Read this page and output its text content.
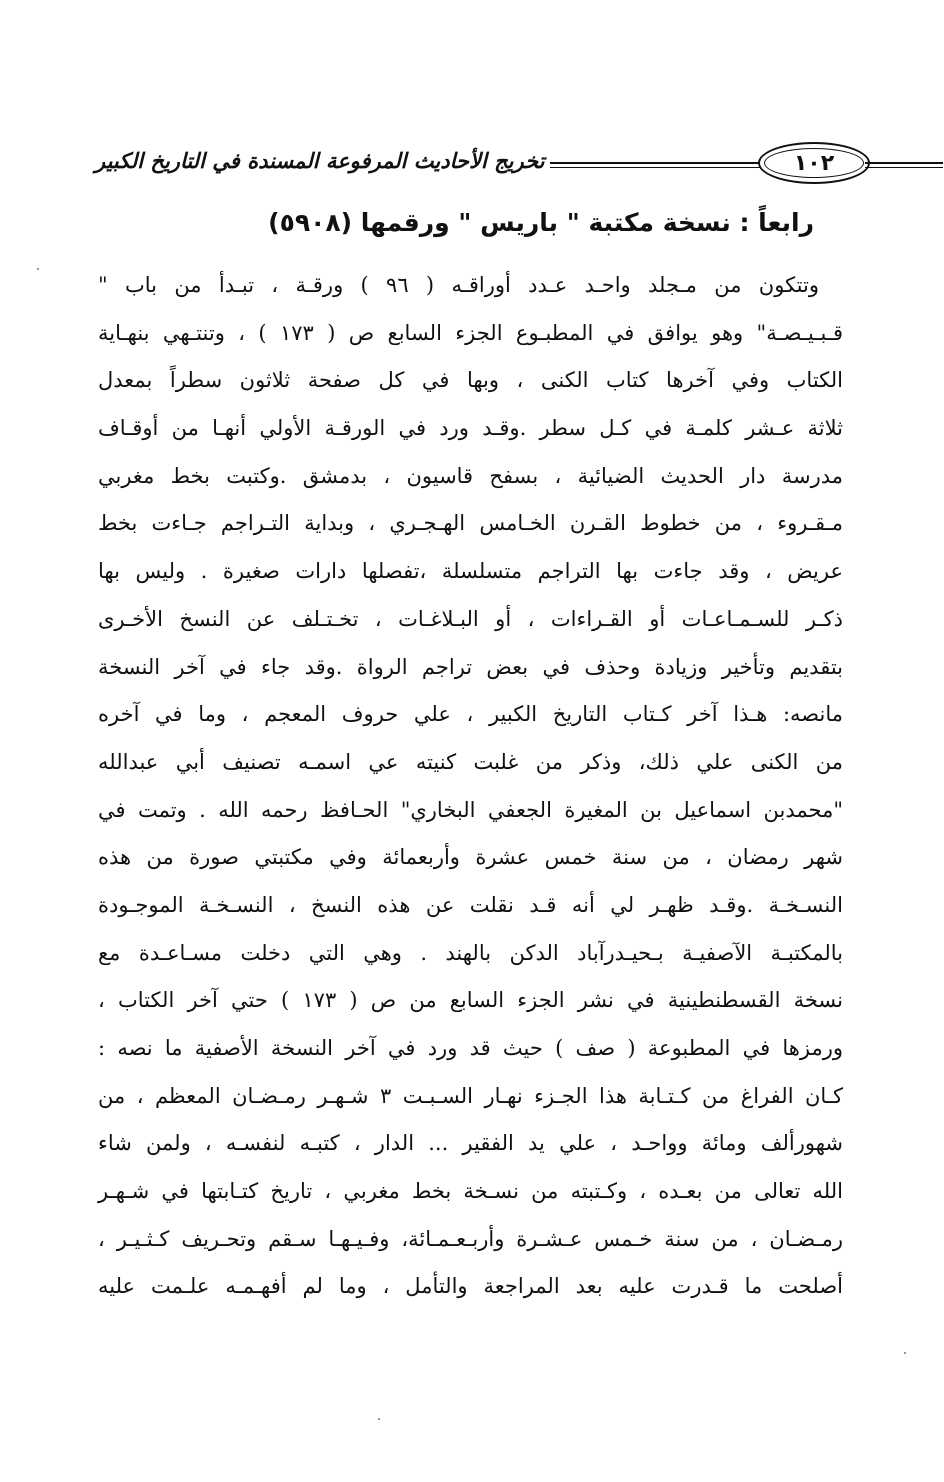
تخريج الأحاديث المرفوعة المسندة في التاريخ الكبير	١٠٢
رابعاً : نسخة مكتبة " باريس " ورقمها (٥٩٠٨)
وتتكون من مـجلد واحـد عـدد أوراقـه ( ٩٦ ) ورقـة ، تبـدأ من باب "
قـبـيـصـة" وهو يوافق في المطبـوع الجزء السابع ص ( ١٧٣ ) ، وتنتـهي بنهـاية
الكتاب وفي آخرها كتاب الكنى ، وبها في كل صفحة ثلاثون سطراً بمعدل
ثلاثة عـشر كلمـة في كـل سطر .وقـد ورد في الورقـة الأولي أنهـا من أوقـاف
مدرسة دار الحديث الضيائية ، بسفح قاسيون ، بدمشق .وكتبت بخط مغربي
مـقـروء ، من خطوط القـرن الخـامس الهـجـري ، وبداية التـراجم جـاءت بخط
عريض ، وقد جاءت بها التراجم متسلسلة ،تفصلها دارات صغيرة . وليس بها
ذكـر للسـمـاعـات أو القـراءات ، أو البـلاغـات ، تخـتـلف عن النسخ الأخـرى
بتقديم وتأخير وزيادة وحذف في بعض تراجم الرواة .وقد جاء في آخر النسخة
مانصه: هـذا آخر كـتاب التاريخ الكبير ، علي حروف المعجم ، وما في آخره
من الكنى علي ذلك، وذكر من غلبت كنيته عي اسمـه تصنيف أبي عبدالله
"محمدبن اسماعيل بن المغيرة الجعفي البخاري" الحـافظ رحمه الله . وتمت في
شهر رمضان ، من سنة خمس عشرة وأربعمائة وفي مكتبتي صورة من هذه
النسـخـة .وقـد ظهـر لي أنه قـد نقلت عن هذه النسخ ، النسـخـة الموجـودة
بالمكتبـة الآصفيـة بـحيـدرآباد الدكن بالهند . وهي التي دخلت مسـاعـدة مع
نسخة القسطنطينية في نشر الجزء السابع من ص ( ١٧٣ ) حتي آخر الكتاب ،
ورمزها في المطبوعة ( صف ) حيث قد ورد في آخر النسخة الأصفية ما نصه :
كـان الفراغ من كـتـابة هذا الجـزء نهـار السـبـت ٣ شـهـر رمـضـان المعظم ، من
شهورألف ومائة وواحـد ، علي يد الفقير ... الدار ، كتبـه لنفسـه ، ولمن شاء
الله تعالى من بعـده ، وكـتبته من نسـخة بخط مغربي ، تاريخ كتـابتها في شـهـر
رمـضـان ، من سنة خـمس عـشـرة وأربـعـمـائة، وفـيـهـا سـقم وتحـريف كـثـيـر ،
أصلحت ما قـدرت عليه بعد المراجعة والتأمل ، وما لم أفهـمـه علـمت عليه
